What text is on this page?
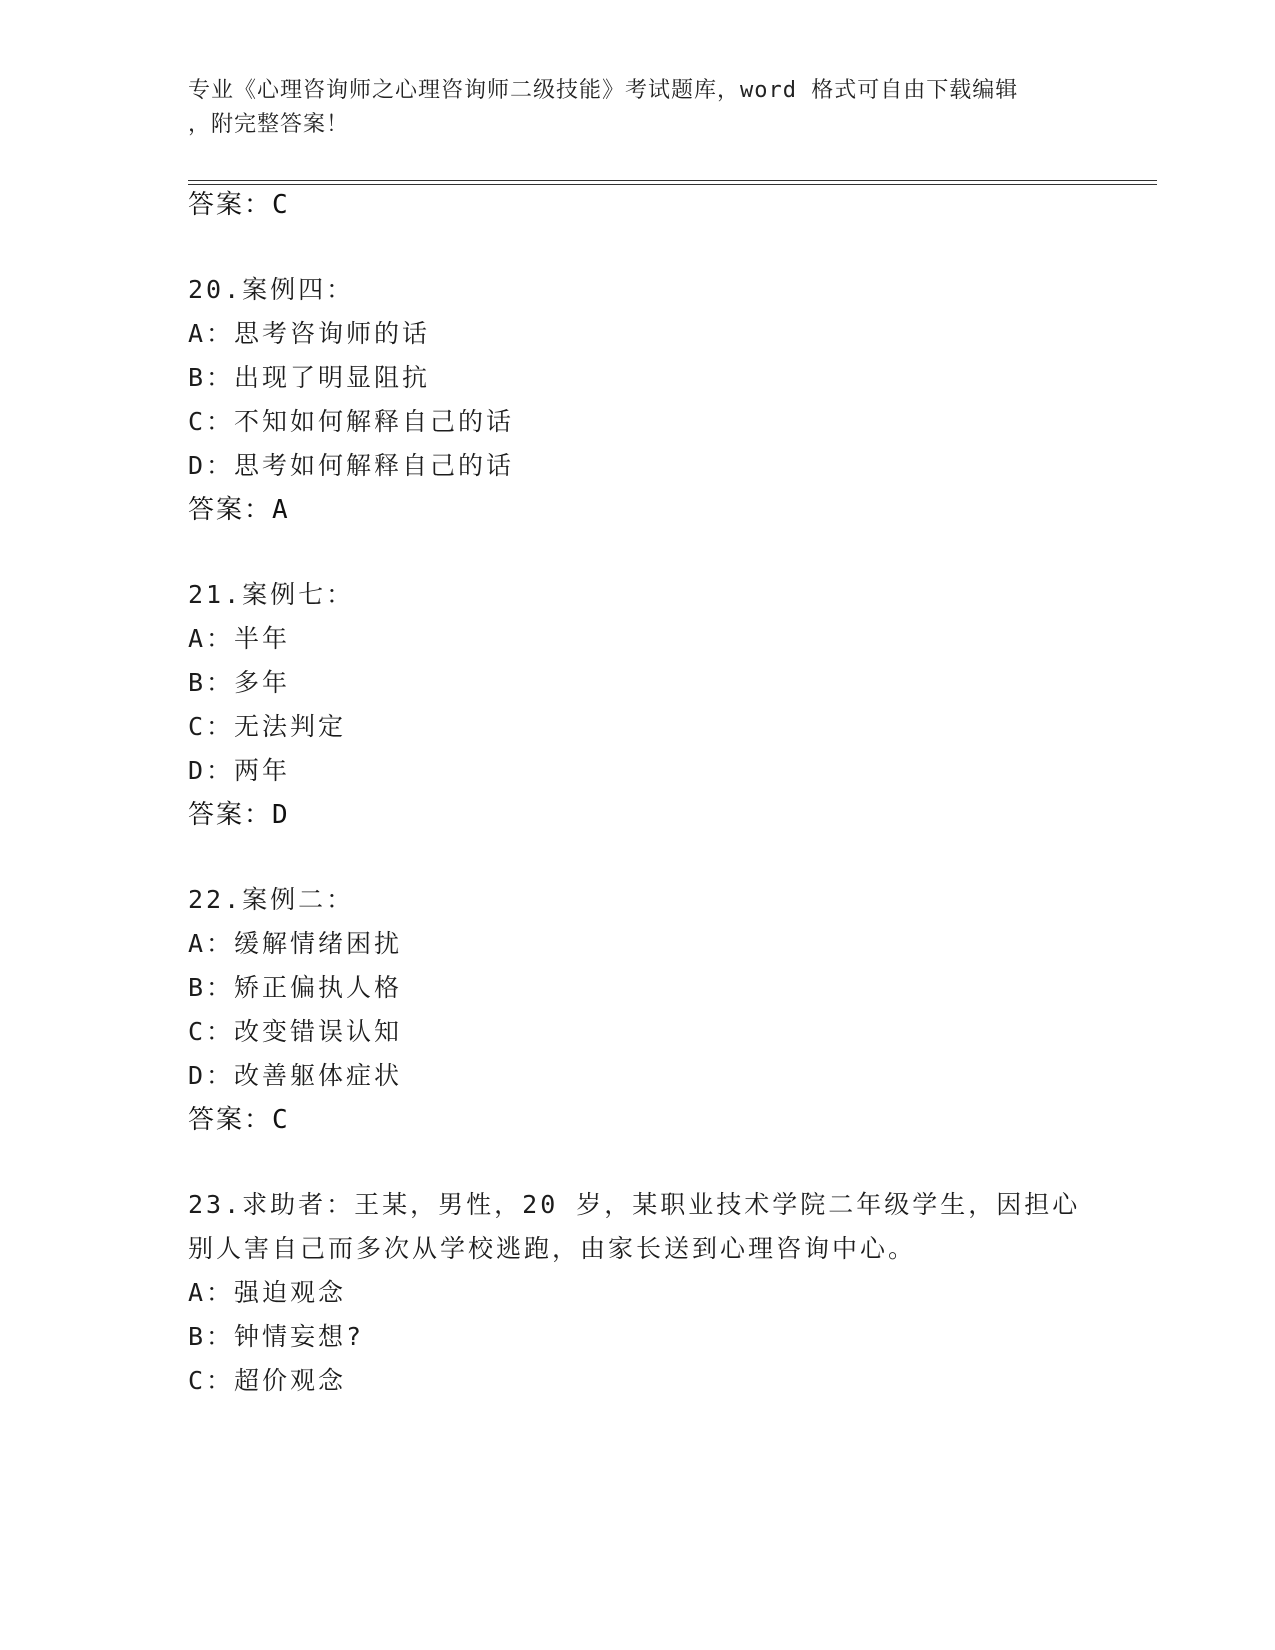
专业《心理咨询师之心理咨询师二级技能》考试题库，word 格式可自由下载编辑
，附完整答案！
答案：C
20.案例四：
A：思考咨询师的话
B：出现了明显阻抗
C：不知如何解释自己的话
D：思考如何解释自己的话
答案：A
21.案例七：
A：半年
B：多年
C：无法判定
D：两年
答案：D
22.案例二：
A：缓解情绪困扰
B：矫正偏执人格
C：改变错误认知
D：改善躯体症状
答案：C
23.求助者：王某，男性，20 岁，某职业技术学院二年级学生，因担心
别人害自己而多次从学校逃跑，由家长送到心理咨询中心。
A：强迫观念
B：钟情妄想?
C：超价观念
